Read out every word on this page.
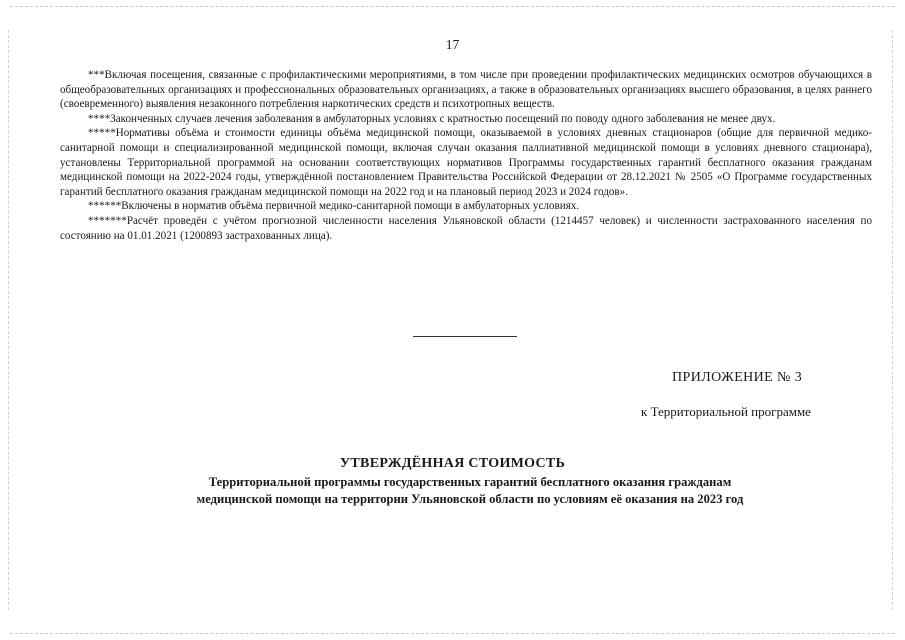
17

***Включая посещения, связанные с профилактическими мероприятиями, в том числе при проведении профилактических медицинских осмотров обучающихся в общеобразовательных организациях и профессиональных образовательных организациях, а также в образовательных организациях высшего образования, в целях раннего (своевременного) выявления незаконного потребления наркотических средств и психотропных веществ.

****Законченных случаев лечения заболевания в амбулаторных условиях с кратностью посещений по поводу одного заболевания не менее двух.

*****Нормативы объёма и стоимости единицы объёма медицинской помощи, оказываемой в условиях дневных стационаров (общие для первичной медико-санитарной помощи и специализированной медицинской помощи, включая случаи оказания паллиативной медицинской помощи в условиях дневного стационара), установлены Территориальной программой на основании соответствующих нормативов Программы государственных гарантий бесплатного оказания гражданам медицинской помощи на 2022-2024 годы, утверждённой постановлением Правительства Российской Федерации от 28.12.2021 № 2505 «О Программе государственных гарантий бесплатного оказания гражданам медицинской помощи на 2022 год и на плановый период 2023 и 2024 годов».

******Включены в норматив объёма первичной медико-санитарной помощи в амбулаторных условиях.

*******Расчёт проведён с учётом прогнозной численности населения Ульяновской области (1214457 человек) и численности застрахованного населения по состоянию на 01.01.2021 (1200893 застрахованных лица).

ПРИЛОЖЕНИЕ № 3
к Территориальной программе
УТВЕРЖДЁННАЯ СТОИМОСТЬ
Территориальной программы государственных гарантий бесплатного оказания гражданам
медицинской помощи на территории Ульяновской области по условиям её оказания на 2023 год
